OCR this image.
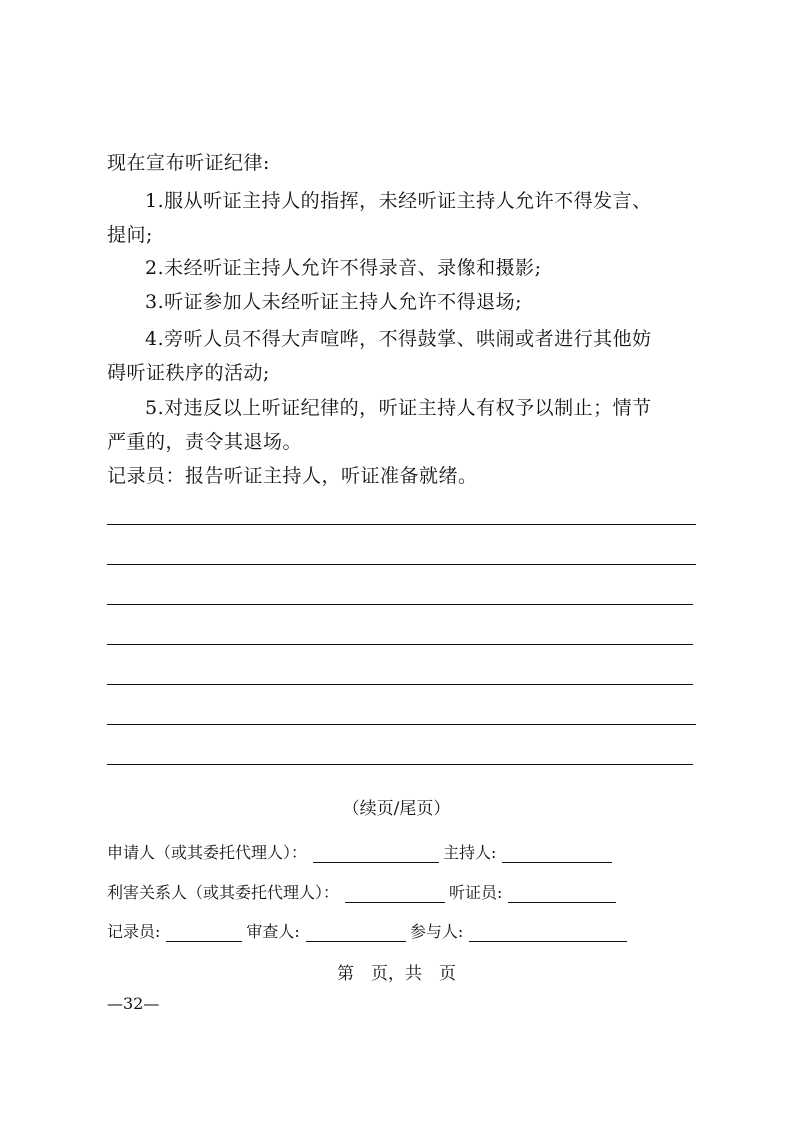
现在宣布听证纪律:
1.服从听证主持人的指挥，未经听证主持人允许不得发言、
提问;
2.未经听证主持人允许不得录音、录像和摄影;
3.听证参加人未经听证主持人允许不得退场;
4.旁听人员不得大声喧哗，不得鼓掌、哄闹或者进行其他妨
碍听证秩序的活动;
5.对违反以上听证纪律的，听证主持人有权予以制止；情节
严重的，责令其退场。
记录员：报告听证主持人，听证准备就绪。
（续页/尾页）
申请人（或其委托代理人）：	主持人:
利害关系人（或其委托代理人）：	听证员:
记录员:	审查人:	参与人:
第　页，共　页
—32—
